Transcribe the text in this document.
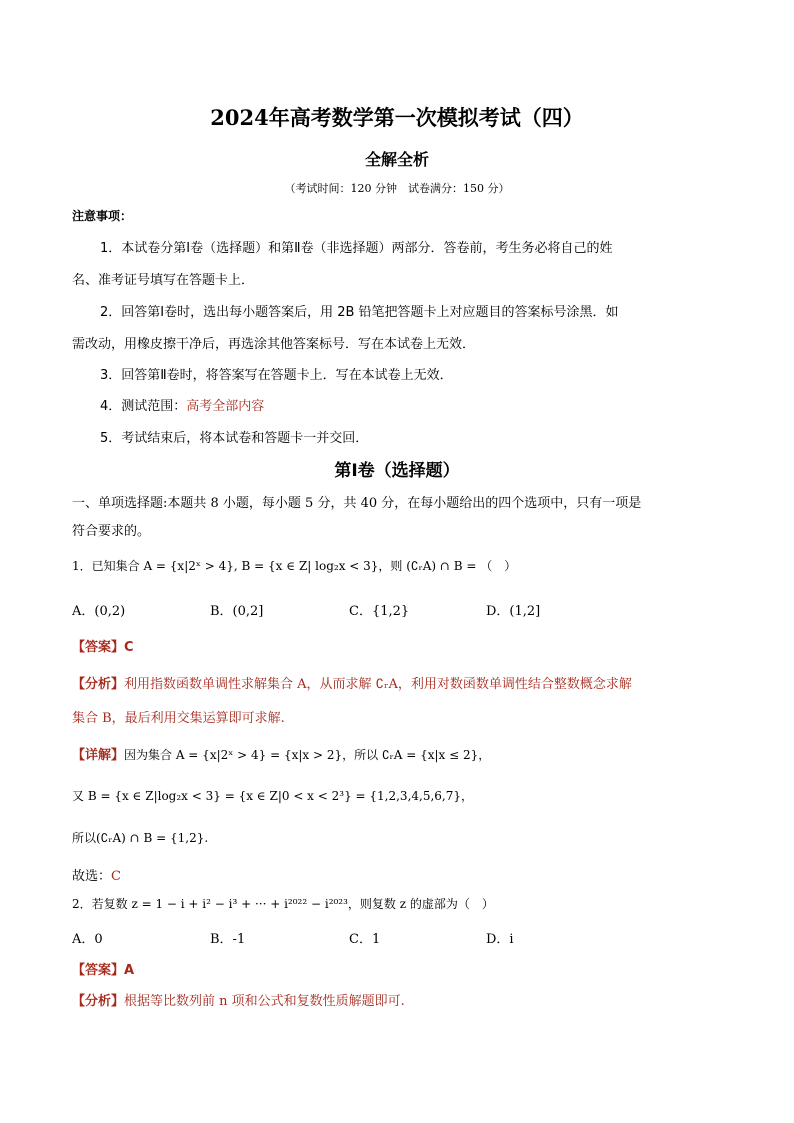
2024年高考数学第一次模拟考试（四）
全解全析
（考试时间：120 分钟　试卷满分：150 分）
注意事项：
1．本试卷分第Ⅰ卷（选择题）和第Ⅱ卷（非选择题）两部分．答卷前，考生务必将自己的姓
名、准考证号填写在答题卡上．
2．回答第Ⅰ卷时，选出每小题答案后，用 2B 铅笔把答题卡上对应题目的答案标号涂黑．如
需改动，用橡皮擦干净后，再选涂其他答案标号．写在本试卷上无效．
3．回答第Ⅱ卷时，将答案写在答题卡上．写在本试卷上无效．
4．测试范围：高考全部内容
5．考试结束后，将本试卷和答题卡一并交回．
第Ⅰ卷（选择题）
一、单项选择题:本题共 8 小题，每小题 5 分，共 40 分，在每小题给出的四个选项中，只有一项是
符合要求的。
1．已知集合 A = {x|2ˣ > 4}, B = {x ∈ Z| log₂x < 3}，则 (∁ᵣA) ∩ B = （　）
A．(0,2)	B．(0,2]	C．{1,2}	D．(1,2]
【答案】C
【分析】利用指数函数单调性求解集合 A，从而求解 ∁ᵣA，利用对数函数单调性结合整数概念求解
集合 B，最后利用交集运算即可求解.
【详解】因为集合 A = {x|2ˣ > 4} = {x|x > 2}，所以 ∁ᵣA = {x|x ≤ 2}，
又 B = {x ∈ Z|log₂x < 3} = {x ∈ Z|0 < x < 2³} = {1,2,3,4,5,6,7}，
所以(∁ᵣA) ∩ B = {1,2}.
故选：C
2．若复数 z = 1 − i + i² − i³ + ··· + i²⁰²² − i²⁰²³，则复数 z 的虚部为（　）
A．0	B．-1	C．1	D．i
【答案】A
【分析】根据等比数列前 n 项和公式和复数性质解题即可.
